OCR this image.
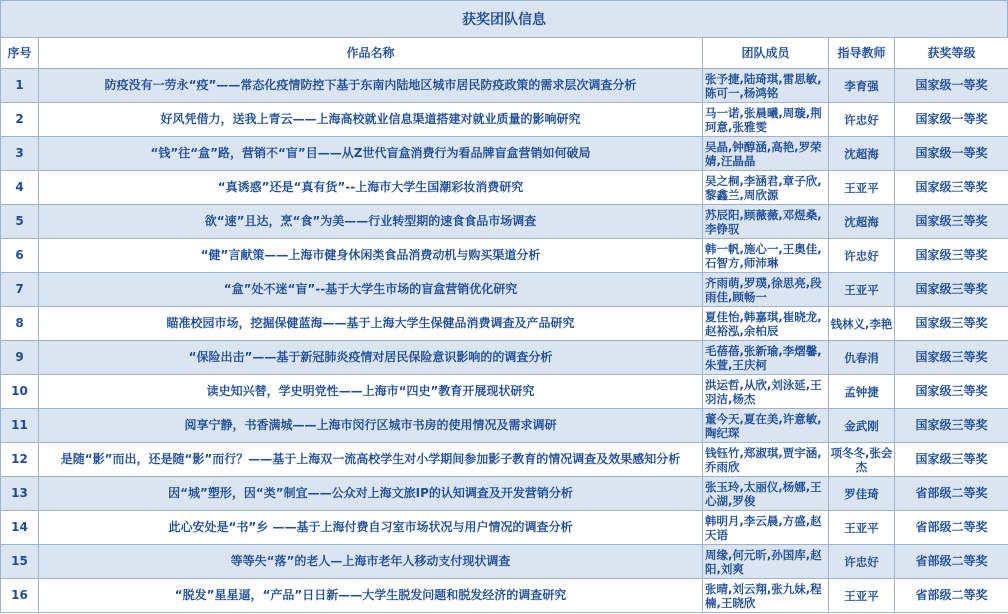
获奖团队信息
序号	作品名称	团队成员	指导教师	获奖等级
1	防疫没有一劳永“疫”——常态化疫情防控下基于东南内陆地区城市居民防疫政策的需求层次调查分析	张予捷,陆琦琪,雷思敏,陈可一,杨鸿铭	李育强	国家级一等奖
2	好风凭借力，送我上青云——上海高校就业信息渠道搭建对就业质量的影响研究	马一诺,张晨曦,周璇,荆珂意,张雅雯	许忠好	国家级一等奖
3	“钱”往“盒”路，营销不“盲”目——从Z世代盲盒消费行为看品牌盲盒营销如何破局	吴晶,钟醇涵,高艳,罗荣婧,汪晶晶	沈超海	国家级一等奖
4	“真诱惑”还是“真有货”--上海市大学生国潮彩妆消费研究	吴之桐,李涵君,章子欣,黎鑫兰,周欣源	王亚平	国家级三等奖
5	欲“速”且达，烹“食”为美——行业转型期的速食食品市场调查	苏辰阳,顾薇薇,邓煜桑,李铮驭	沈超海	国家级三等奖
6	“健”言献策——上海市健身休闲类食品消费动机与购买渠道分析	韩一帆,施心一,王奥佳,石智方,师沛琳	许忠好	国家级三等奖
7	“盒”处不迷“盲”--基于大学生市场的盲盒营销优化研究	齐雨萌,罗璞,徐思亮,段雨佳,顾畅一	王亚平	国家级三等奖
8	瞄准校园市场，挖掘保健蓝海——基于上海大学生保健品消费调查及产品研究	夏佳怡,韩嘉琪,崔晓龙,赵裕泓,余柏辰	钱林义,李艳	国家级三等奖
9	“保险出击”——基于新冠肺炎疫情对居民保险意识影响的的调查分析	毛蓓蓓,张新瑜,李熠馨,朱萱,王庆柯	仇春涓	国家级三等奖
10	读史知兴替，学史明党性——上海市“四史”教育开展现状研究	洪运哲,从欣,刘泳延,王羽洁,杨杰	孟钟捷	国家级三等奖
11	阅享宁静，书香满城——上海市闵行区城市书房的使用情况及需求调研	董今天,夏在美,许意敏,陶纪琛	金武刚	国家级三等奖
12	是随“影”而出，还是随“影”而行？——基于上海双一流高校学生对小学期间参加影子教育的情况调查及效果感知分析	钱钰竹,郑淑琪,贾宇涵,乔雨欣	项冬冬,张会杰	国家级三等奖
13	因“城”塑形，因“类”制宜——公众对上海文旅IP的认知调查及开发营销分析	张玉玲,太丽仪,杨娜,王心湖,罗俊	罗佳琦	省部级二等奖
14	此心安处是“书”乡 ——基于上海付费自习室市场状况与用户情况的调查分析	韩明月,李云晨,方盛,赵天语	王亚平	省部级二等奖
15	等等失“落”的老人—上海市老年人移动支付现状调查	周缘,何元昕,孙国库,赵阳,刘爽	许忠好	省部级二等奖
16	“脱发”星星逼，“产品”日日新——大学生脱发问题和脱发经济的调查研究	张晴,刘云翔,张九妹,程楠,王晓欣	王亚平	省部级二等奖
